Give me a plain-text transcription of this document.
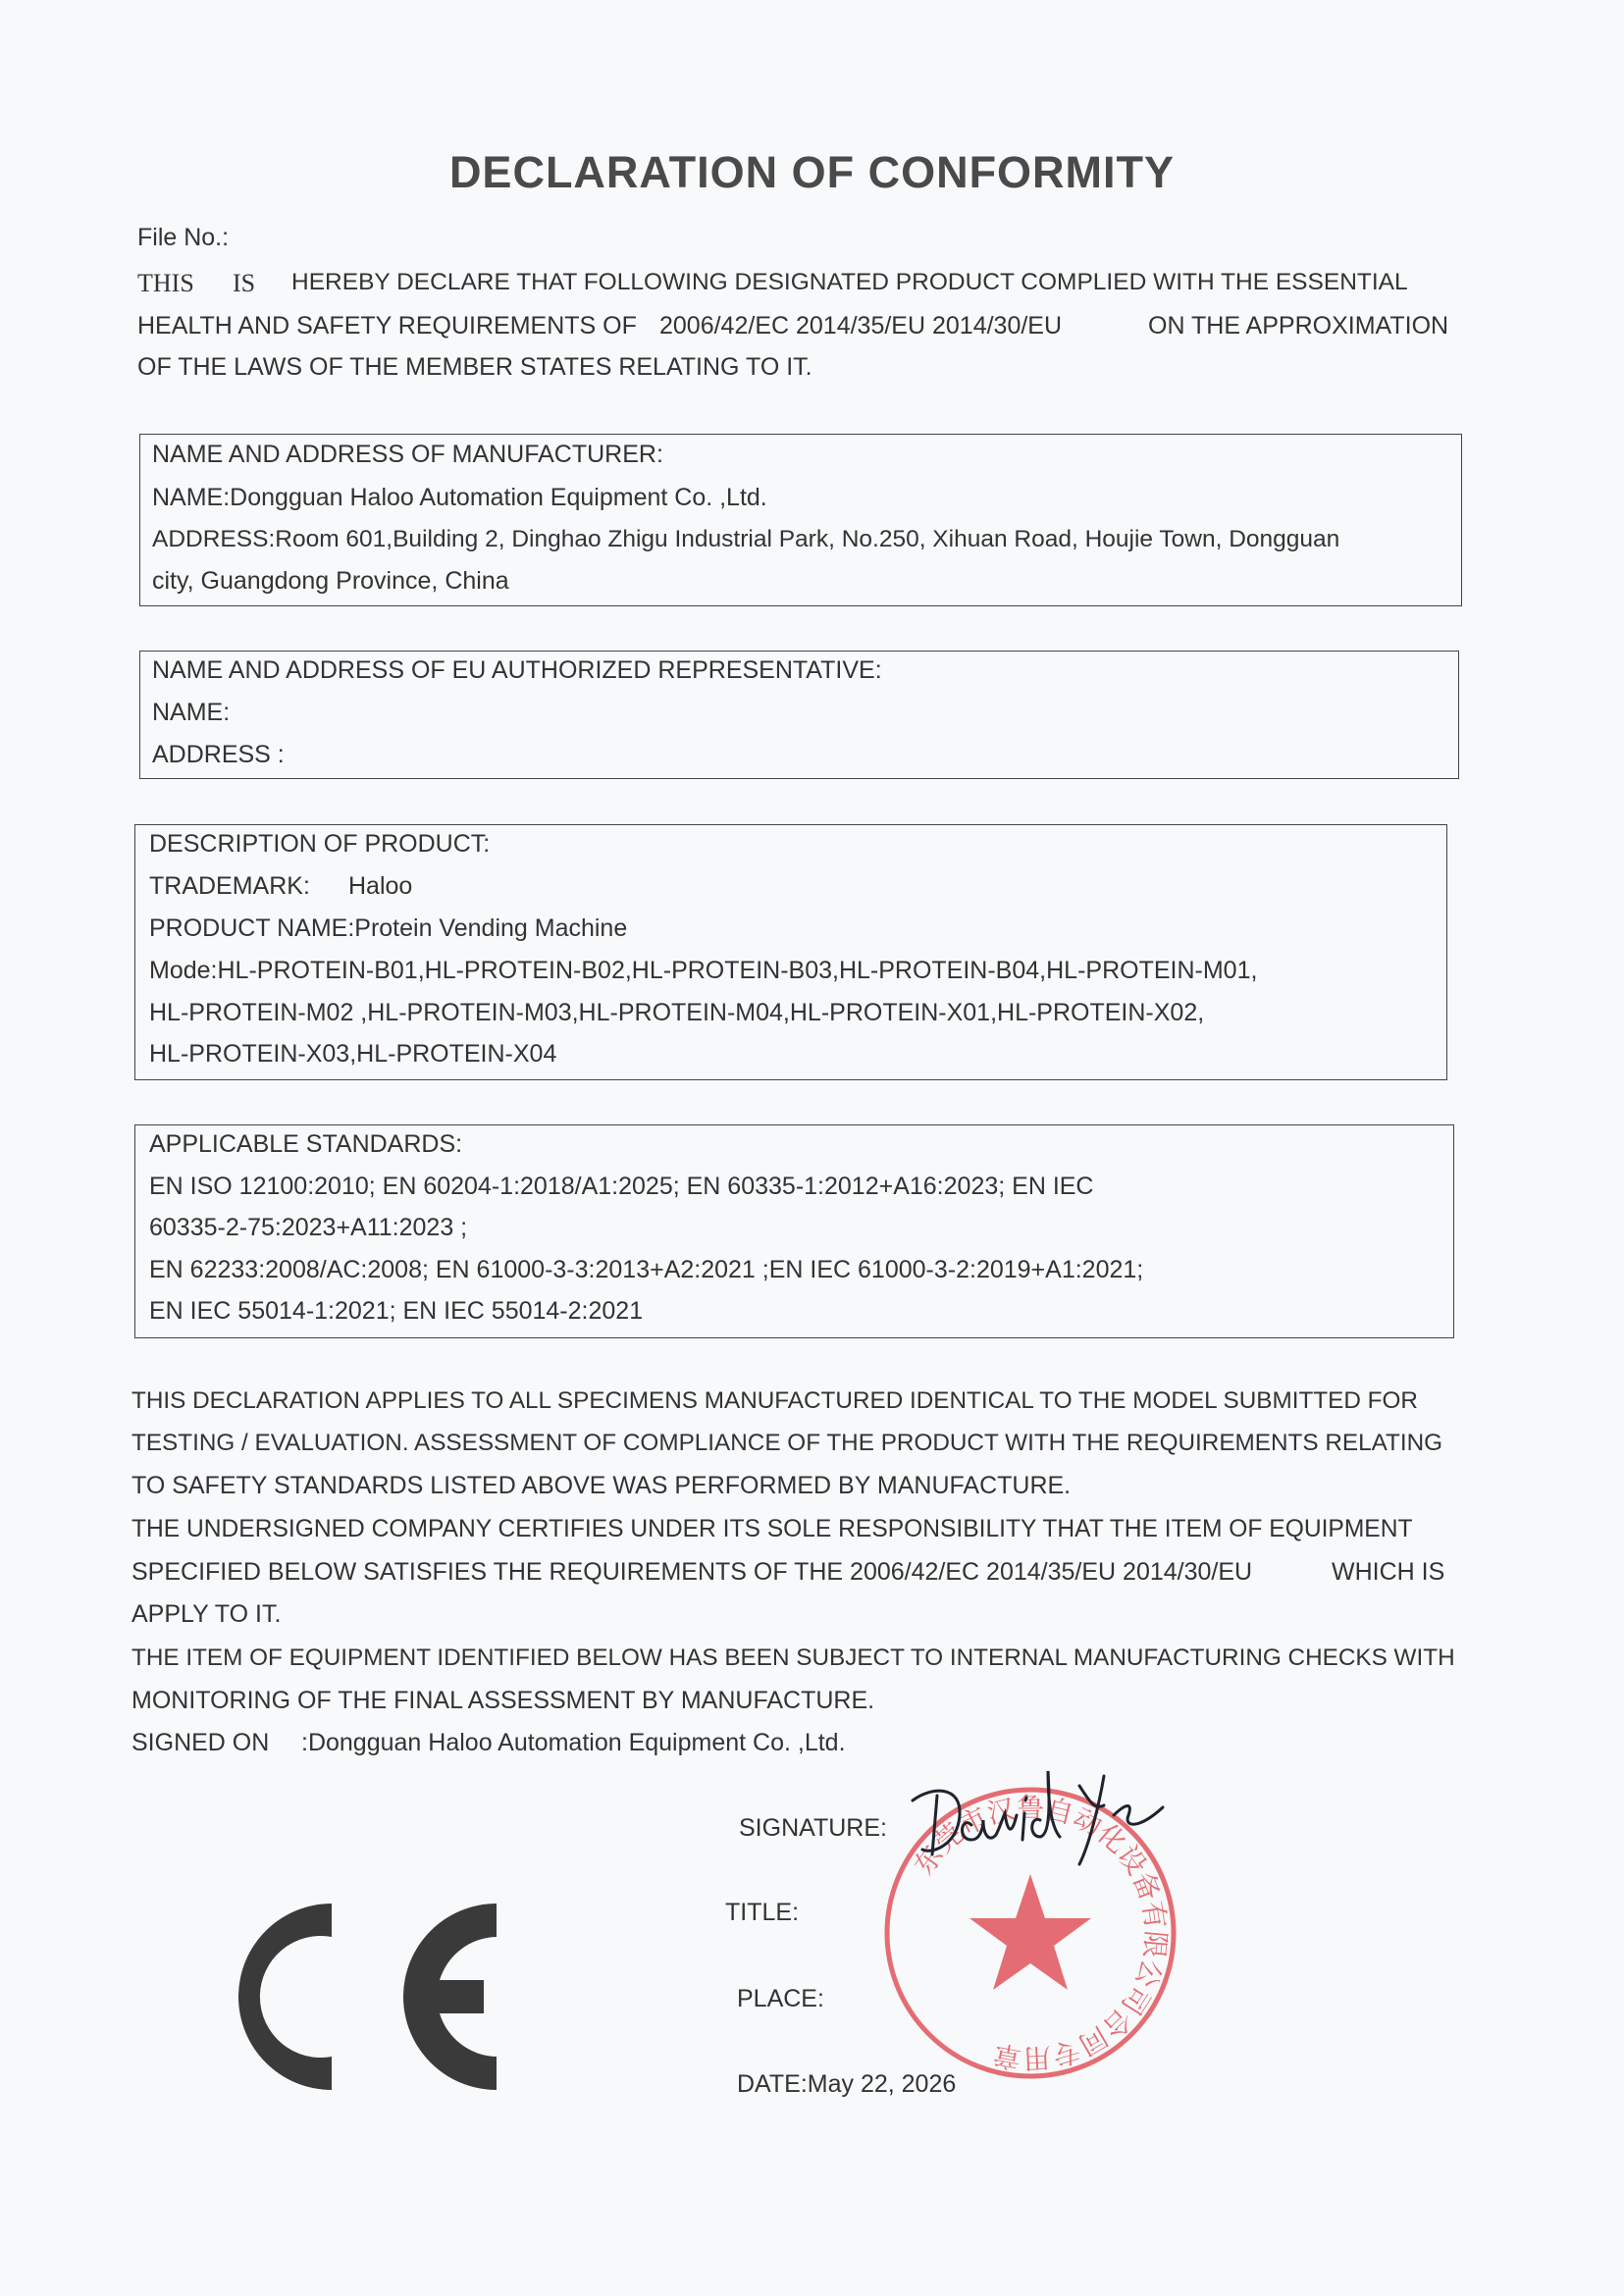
DECLARATION OF CONFORMITY
File No.:
THIS IS HEREBY DECLARE THAT FOLLOWING DESIGNATED PRODUCT COMPLIED WITH THE ESSENTIAL
HEALTH AND SAFETY REQUIREMENTS OF 2006/42/EC 2014/35/EU 2014/30/EU	ON THE APPROXIMATION
OF THE LAWS OF THE MEMBER STATES RELATING TO IT.
NAME AND ADDRESS OF MANUFACTURER:
NAME:Dongguan Haloo Automation Equipment Co. ,Ltd.
ADDRESS:Room 601,Building 2, Dinghao Zhigu Industrial Park, No.250, Xihuan Road, Houjie Town, Dongguan
city, Guangdong Province, China
NAME AND ADDRESS OF EU AUTHORIZED REPRESENTATIVE:
NAME:
ADDRESS :
DESCRIPTION OF PRODUCT:
TRADEMARK: Haloo
PRODUCT NAME:Protein Vending Machine
Mode:HL-PROTEIN-B01,HL-PROTEIN-B02,HL-PROTEIN-B03,HL-PROTEIN-B04,HL-PROTEIN-M01,
HL-PROTEIN-M02 ,HL-PROTEIN-M03,HL-PROTEIN-M04,HL-PROTEIN-X01,HL-PROTEIN-X02,
HL-PROTEIN-X03,HL-PROTEIN-X04
APPLICABLE STANDARDS:
EN ISO 12100:2010; EN 60204-1:2018/A1:2025; EN 60335-1:2012+A16:2023; EN IEC
60335-2-75:2023+A11:2023 ;
EN 62233:2008/AC:2008; EN 61000-3-3:2013+A2:2021 ;EN IEC 61000-3-2:2019+A1:2021;
EN IEC 55014-1:2021; EN IEC 55014-2:2021
THIS DECLARATION APPLIES TO ALL SPECIMENS MANUFACTURED IDENTICAL TO THE MODEL SUBMITTED FOR
TESTING / EVALUATION. ASSESSMENT OF COMPLIANCE OF THE PRODUCT WITH THE REQUIREMENTS RELATING
TO SAFETY STANDARDS LISTED ABOVE WAS PERFORMED BY MANUFACTURE.
THE UNDERSIGNED COMPANY CERTIFIES UNDER ITS SOLE RESPONSIBILITY THAT THE ITEM OF EQUIPMENT
SPECIFIED BELOW SATISFIES THE REQUIREMENTS OF THE 2006/42/EC 2014/35/EU 2014/30/EU	WHICH IS
APPLY TO IT.
THE ITEM OF EQUIPMENT IDENTIFIED BELOW HAS BEEN SUBJECT TO INTERNAL MANUFACTURING CHECKS WITH
MONITORING OF THE FINAL ASSESSMENT BY MANUFACTURE.
SIGNED ON :Dongguan Haloo Automation Equipment Co. ,Ltd.
SIGNATURE:
TITLE:
PLACE:
DATE:May 22, 2026
东莞市汉鲁自动化设备有限公司合同专用章
